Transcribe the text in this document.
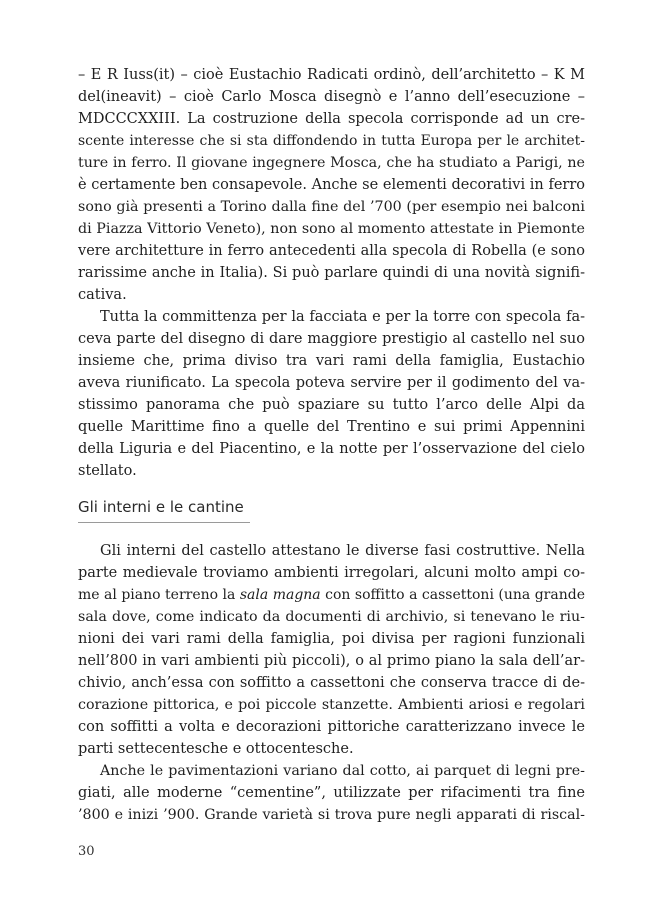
– E R Iuss(it) – cioè Eustachio Radicati ordinò, dell’architetto – K M
del(ineavit) – cioè Carlo Mosca disegnò e l’anno dell’esecuzione –
MDCCCXXIII. La costruzione della specola corrisponde ad un cre-
scente interesse che si sta diffondendo in tutta Europa per le architet-
ture in ferro. Il giovane ingegnere Mosca, che ha studiato a Parigi, ne
è certamente ben consapevole. Anche se elementi decorativi in ferro
sono già presenti a Torino dalla fine del ’700 (per esempio nei balconi
di Piazza Vittorio Veneto), non sono al momento attestate in Piemonte
vere architetture in ferro antecedenti alla specola di Robella (e sono
rarissime anche in Italia). Si può parlare quindi di una novità signifi-
cativa.
Tutta la committenza per la facciata e per la torre con specola fa-
ceva parte del disegno di dare maggiore prestigio al castello nel suo
insieme che, prima diviso tra vari rami della famiglia, Eustachio
aveva riunificato. La specola poteva servire per il godimento del va-
stissimo panorama che può spaziare su tutto l’arco delle Alpi da
quelle Marittime fino a quelle del Trentino e sui primi Appennini
della Liguria e del Piacentino, e la notte per l’osservazione del cielo
stellato.
Gli interni e le cantine
Gli interni del castello attestano le diverse fasi costruttive. Nella
parte medievale troviamo ambienti irregolari, alcuni molto ampi co-
me al piano terreno la sala magna con soffitto a cassettoni (una grande
sala dove, come indicato da documenti di archivio, si tenevano le riu-
nioni dei vari rami della famiglia, poi divisa per ragioni funzionali
nell’800 in vari ambienti più piccoli), o al primo piano la sala dell’ar-
chivio, anch’essa con soffitto a cassettoni che conserva tracce di de-
corazione pittorica, e poi piccole stanzette. Ambienti ariosi e regolari
con soffitti a volta e decorazioni pittoriche caratterizzano invece le
parti settecentesche e ottocentesche.
Anche le pavimentazioni variano dal cotto, ai parquet di legni pre-
giati, alle moderne “cementine”, utilizzate per rifacimenti tra fine
’800 e inizi ’900. Grande varietà si trova pure negli apparati di riscal-
30
